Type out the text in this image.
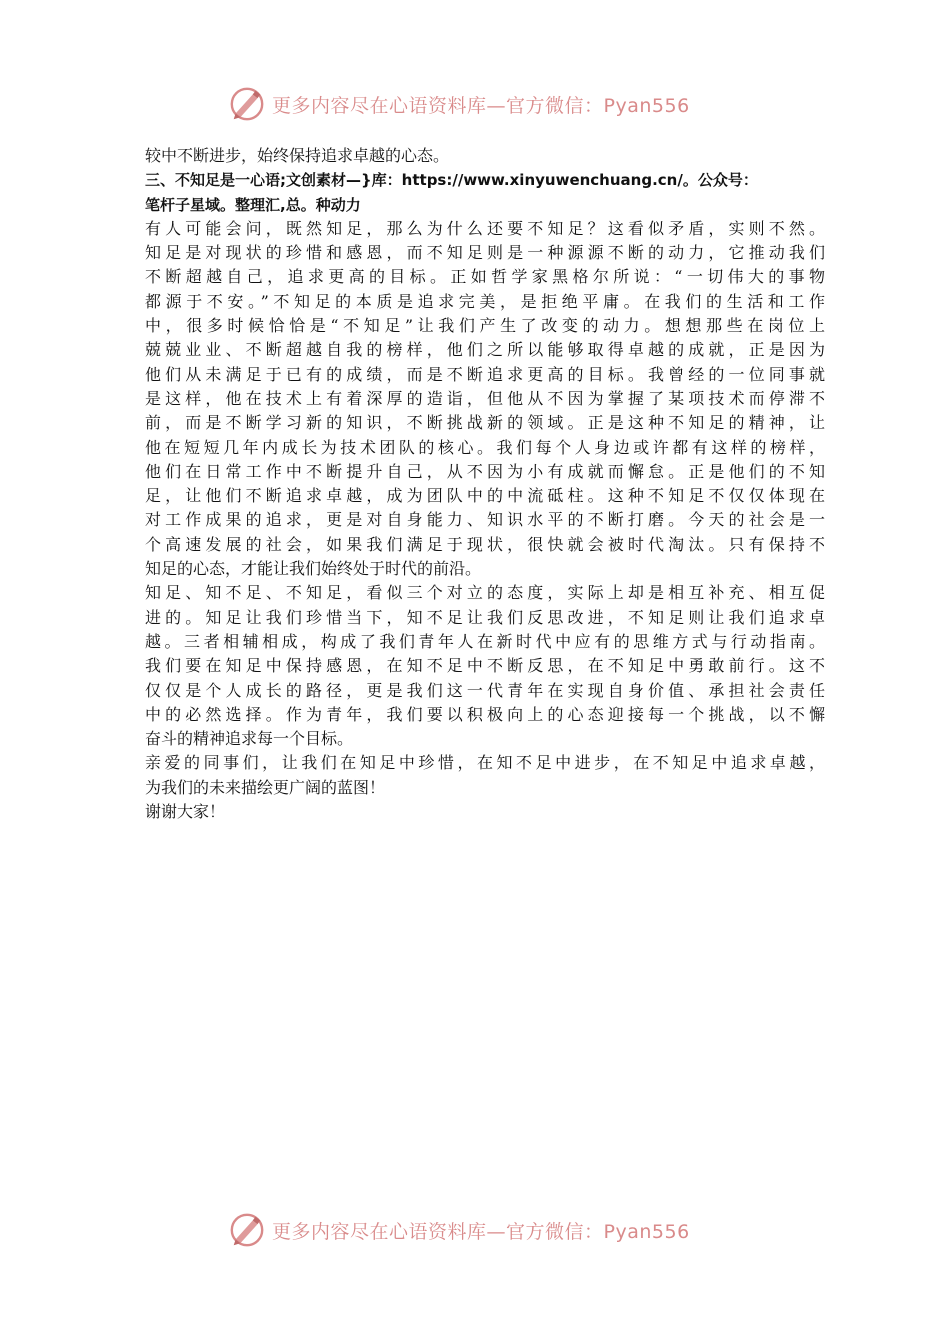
更多内容尽在心语资料库—官方微信：Pyan556
较中不断进步，始终保持追求卓越的心态。
三、不知足是一心语;文创素材—}库：https://www.xinyuwenchuang.cn/。公众号：
笔杆子星域。整理汇,总。种动力
有人可能会问，既然知足，那么为什么还要不知足？这看似矛盾，实则不然。
知足是对现状的珍惜和感恩，而不知足则是一种源源不断的动力，它推动我们
不断超越自己，追求更高的目标。正如哲学家黑格尔所说：“一切伟大的事物
都源于不安。”不知足的本质是追求完美，是拒绝平庸。在我们的生活和工作
中，很多时候恰恰是“不知足”让我们产生了改变的动力。想想那些在岗位上
兢兢业业、不断超越自我的榜样，他们之所以能够取得卓越的成就，正是因为
他们从未满足于已有的成绩，而是不断追求更高的目标。我曾经的一位同事就
是这样，他在技术上有着深厚的造诣，但他从不因为掌握了某项技术而停滞不
前，而是不断学习新的知识，不断挑战新的领域。正是这种不知足的精神，让
他在短短几年内成长为技术团队的核心。我们每个人身边或许都有这样的榜样，
他们在日常工作中不断提升自己，从不因为小有成就而懈怠。正是他们的不知
足，让他们不断追求卓越，成为团队中的中流砥柱。这种不知足不仅仅体现在
对工作成果的追求，更是对自身能力、知识水平的不断打磨。今天的社会是一
个高速发展的社会，如果我们满足于现状，很快就会被时代淘汰。只有保持不
知足的心态，才能让我们始终处于时代的前沿。
知足、知不足、不知足，看似三个对立的态度，实际上却是相互补充、相互促
进的。知足让我们珍惜当下，知不足让我们反思改进，不知足则让我们追求卓
越。三者相辅相成，构成了我们青年人在新时代中应有的思维方式与行动指南。
我们要在知足中保持感恩，在知不足中不断反思，在不知足中勇敢前行。这不
仅仅是个人成长的路径，更是我们这一代青年在实现自身价值、承担社会责任
中的必然选择。作为青年，我们要以积极向上的心态迎接每一个挑战，以不懈
奋斗的精神追求每一个目标。
亲爱的同事们，让我们在知足中珍惜，在知不足中进步，在不知足中追求卓越，
为我们的未来描绘更广阔的蓝图！
谢谢大家！
更多内容尽在心语资料库—官方微信：Pyan556
